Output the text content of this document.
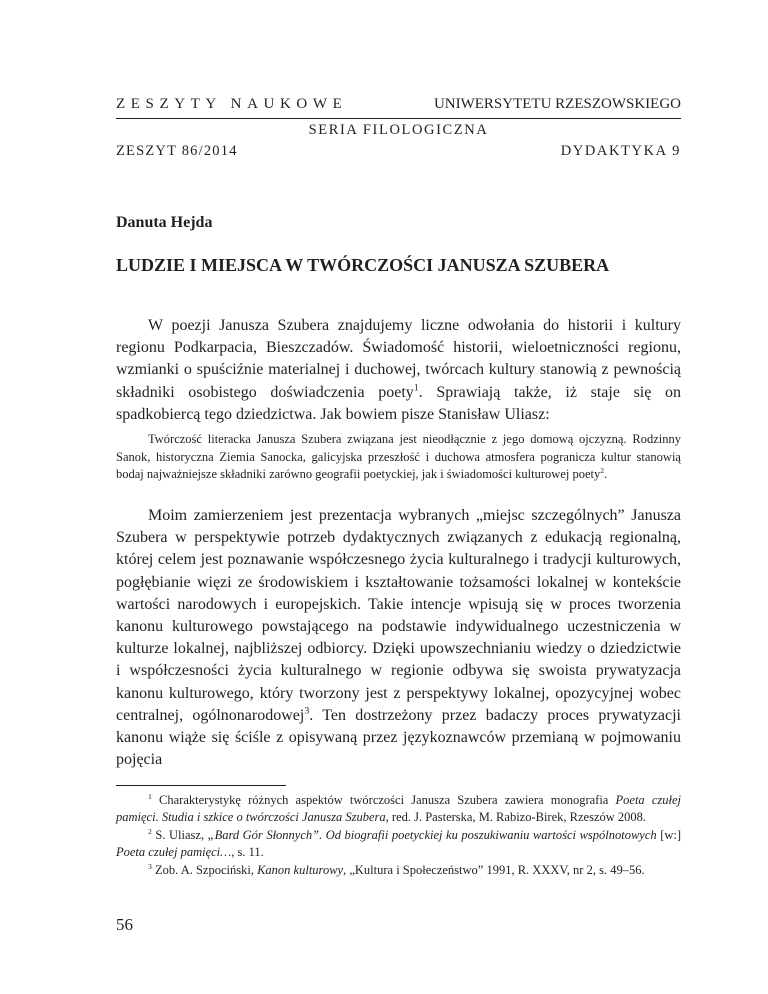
ZESZYTY NAUKOWE	UNIWERSYTETU RZESZOWSKIEGO
SERIA FILOLOGICZNA
ZESZYT 86/2014	DYDAKTYKA 9
Danuta Hejda
LUDZIE I MIEJSCA W TWÓRCZOŚCI JANUSZA SZUBERA

W poezji Janusza Szubera znajdujemy liczne odwołania do historii i kultury regionu Podkarpacia, Bieszczadów. Świadomość historii, wieloetniczności regionu, wzmianki o spuściźnie materialnej i duchowej, twórcach kultury stanowią z pewnością składniki osobistego doświadczenia poety$^1$. Sprawiają także, iż staje się on spadkobiercą tego dziedzictwa. Jak bowiem pisze Stanisław Uliasz:

Twórczość literacka Janusza Szubera związana jest nieodłącznie z jego domową ojczyzną. Rodzinny Sanok, historyczna Ziemia Sanocka, galicyjska przeszłość i duchowa atmosfera pogranicza kultur stanowią bodaj najważniejsze składniki zarówno geografii poetyckiej, jak i świadomości kulturowej poety$^2$.

Moim zamierzeniem jest prezentacja wybranych „miejsc szczególnych” Janusza Szubera w perspektywie potrzeb dydaktycznych związanych z edukacją regionalną, której celem jest poznawanie współczesnego życia kulturalnego i tradycji kulturowych, pogłębianie więzi ze środowiskiem i kształtowanie tożsamości lokalnej w kontekście wartości narodowych i europejskich. Takie intencje wpisują się w proces tworzenia kanonu kulturowego powstającego na podstawie indywidualnego uczestniczenia w kulturze lokalnej, najbliższej odbiorcy. Dzięki upowszechnianiu wiedzy o dziedzictwie i współczesności życia kulturalnego w regionie odbywa się swoista prywatyzacja kanonu kulturowego, który tworzony jest z perspektywy lokalnej, opozycyjnej wobec centralnej, ogólnonarodowej$^3$. Ten dostrzeżony przez badaczy proces prywatyzacji kanonu wiąże się ściśle z opisywaną przez językoznawców przemianą w pojmowaniu pojęcia

$^1$ Charakterystykę różnych aspektów twórczości Janusza Szubera zawiera monografia Poeta czułej pamięci. Studia i szkice o twórczości Janusza Szubera, red. J. Pasterska, M. Rabizo-Birek, Rzeszów 2008.

$^2$ S. Uliasz, „Bard Gór Słonnych”. Od biografii poetyckiej ku poszukiwaniu wartości wspólnotowych [w:] Poeta czułej pamięci…, s. 11.

$^3$ Zob. A. Szpociński, Kanon kulturowy, „Kultura i Społeczeństwo” 1991, R. XXXV, nr 2, s. 49–56.

56
